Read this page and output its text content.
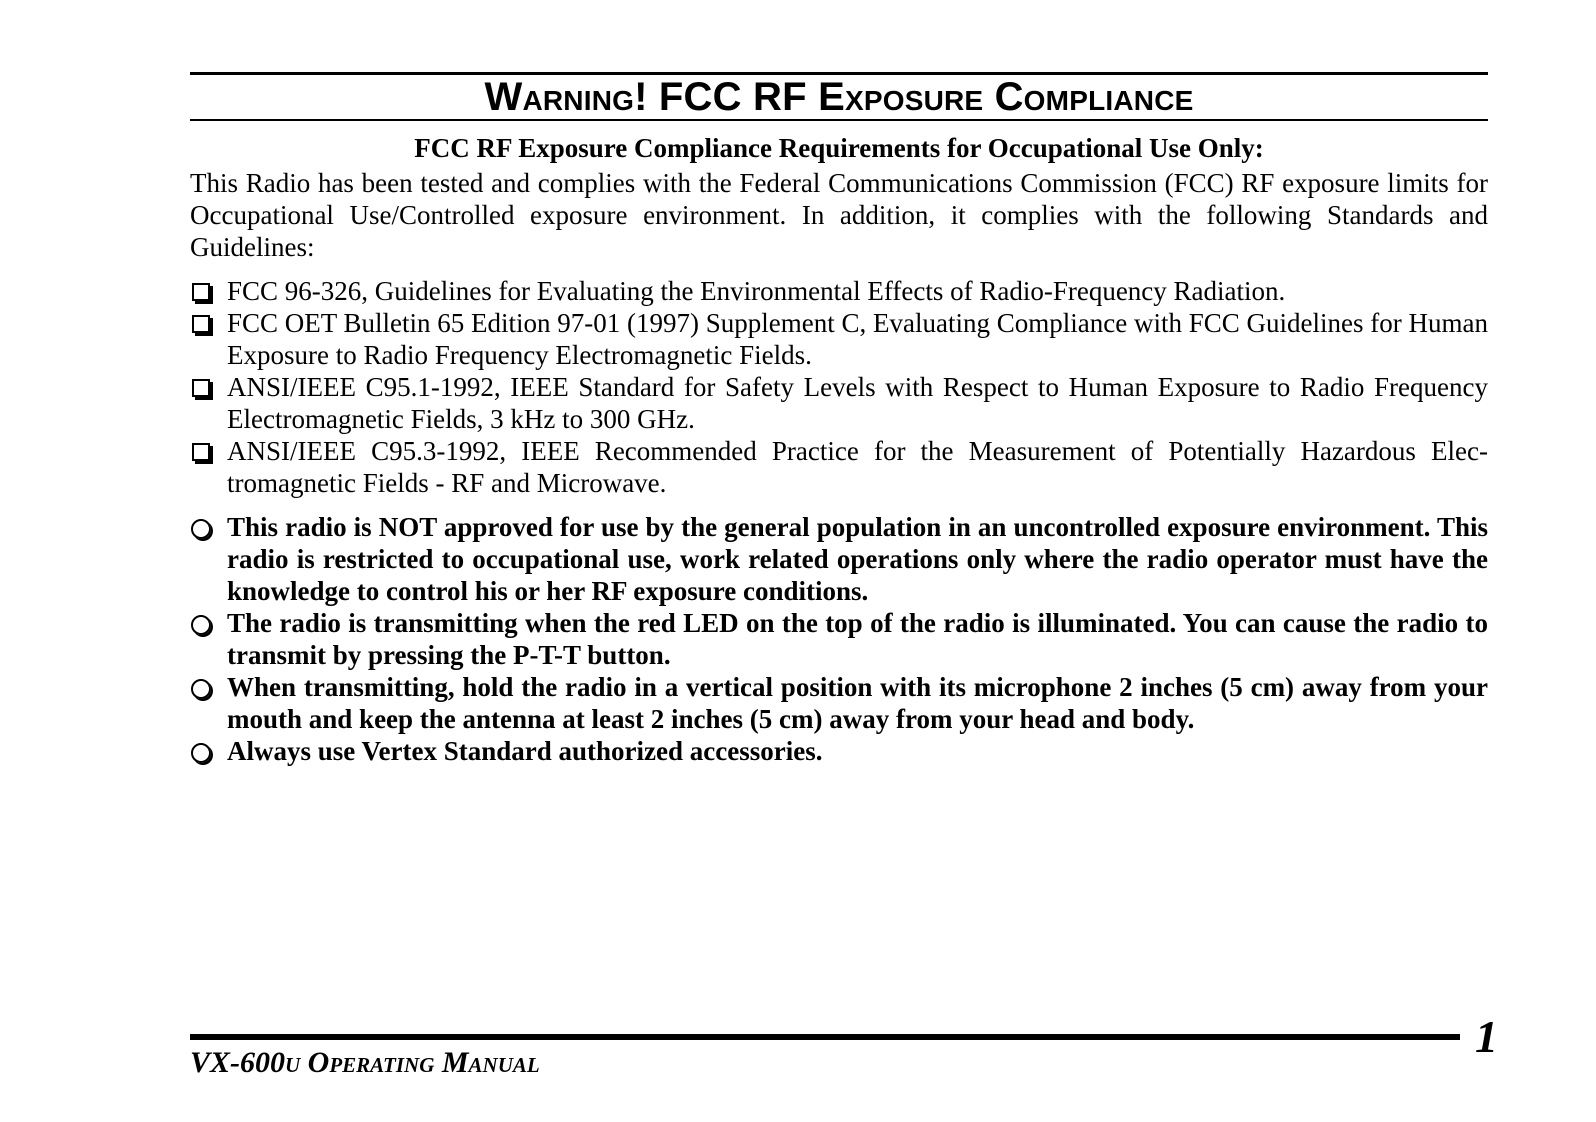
Warning! FCC RF Exposure Compliance
FCC RF Exposure Compliance Requirements for Occupational Use Only:

This Radio has been tested and complies with the Federal Communications Commission (FCC) RF exposure limits for Occupational Use/Controlled exposure environment. In addition, it complies with the following Standards and Guidelines:

FCC 96-326, Guidelines for Evaluating the Environmental Effects of Radio-Frequency Radiation.
FCC OET Bulletin 65 Edition 97-01 (1997) Supplement C, Evaluating Compliance with FCC Guidelines for Human Exposure to Radio Frequency Electromagnetic Fields.
ANSI/IEEE C95.1-1992, IEEE Standard for Safety Levels with Respect to Human Exposure to Radio Frequency Electromagnetic Fields, 3 kHz to 300 GHz.
ANSI/IEEE C95.3-1992, IEEE Recommended Practice for the Measurement of Potentially Hazardous Electromagnetic Fields - RF and Microwave.
This radio is NOT approved for use by the general population in an uncontrolled exposure environment. This radio is restricted to occupational use, work related operations only where the radio operator must have the knowledge to control his or her RF exposure conditions.
The radio is transmitting when the red LED on the top of the radio is illuminated. You can cause the radio to transmit by pressing the P-T-T button.
When transmitting, hold the radio in a vertical position with its microphone 2 inches (5 cm) away from your mouth and keep the antenna at least 2 inches (5 cm) away from your head and body.
Always use Vertex Standard authorized accessories.
VX-600u Operating Manual
1
